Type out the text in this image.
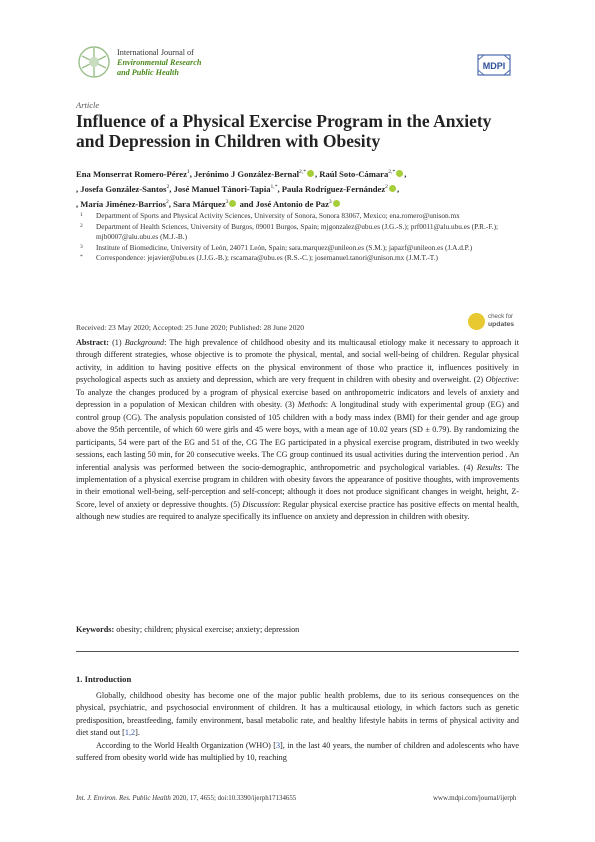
International Journal of
Environmental Research
and Public Health
MDPI
Article
Influence of a Physical Exercise Program in the Anxiety and Depression in Children with Obesity
Ena Monserrat Romero-Pérez$^1$, Jerónimo J González-Bernal$^{2,*}$ , Raúl Soto-Cámara$^{2,*}$ ,
, Josefa González-Santos$^2$, José Manuel Tánori-Tapia$^{1,*}$, Paula Rodríguez-Fernández$^2$ ,
, María Jiménez-Barrios$^2$, Sara Márquez$^3$ and José Antonio de Paz$^3$
1 Department of Sports and Physical Activity Sciences, University of Sonora, Sonora 83067, Mexico; ena.romero@unison.mx
2 Department of Health Sciences, University of Burgos, 09001 Burgos, Spain; mjgonzalez@ubu.es (J.G.-S.); prf0011@alu.ubu.es (P.R.-F.); mjb0007@alu.ubu.es (M.J.-B.)
3 Institute of Biomedicine, University of León, 24071 León, Spain; sara.marquez@unileon.es (S.M.); japazf@unileon.es (J.A.d.P.)
* Correspondence: jejavier@ubu.es (J.J.G.-B.); rscamara@ubu.es (R.S.-C.); josemanuel.tanori@unison.mx (J.M.T.-T.)
Received: 23 May 2020; Accepted: 25 June 2020; Published: 28 June 2020
check for
updates
Abstract: (1) Background: The high prevalence of childhood obesity and its multicausal etiology make it necessary to approach it through different strategies, whose objective is to promote the physical, mental, and social well-being of children. Regular physical activity, in addition to having positive effects on the physical environment of those who practice it, influences positively in psychological aspects such as anxiety and depression, which are very frequent in children with obesity and overweight. (2) Objective: To analyze the changes produced by a program of physical exercise based on anthropometric indicators and levels of anxiety and depression in a population of Mexican children with obesity. (3) Methods: A longitudinal study with experimental group (EG) and control group (CG). The analysis population consisted of 105 children with a body mass index (BMI) for their gender and age group above the 95th percentile, of which 60 were girls and 45 were boys, with a mean age of 10.02 years (SD ± 0.79). By randomizing the participants, 54 were part of the EG and 51 of the, CG The EG participated in a physical exercise program, distributed in two weekly sessions, each lasting 50 min, for 20 consecutive weeks. The CG group continued its usual activities during the intervention period . An inferential analysis was performed between the socio-demographic, anthropometric and psychological variables. (4) Results: The implementation of a physical exercise program in children with obesity favors the appearance of positive thoughts, with improvements in their emotional well-being, self-perception and self-concept; although it does not produce significant changes in weight, height, Z-Score, level of anxiety or depressive thoughts. (5) Discussion: Regular physical exercise practice has positive effects on mental health, although new studies are required to analyze specifically its influence on anxiety and depression in children with obesity.
Keywords: obesity; children; physical exercise; anxiety; depression
1. Introduction

Globally, childhood obesity has become one of the major public health problems, due to its serious consequences on the physical, psychiatric, and psychosocial environment of children. It has a multicausal etiology, in which factors such as genetic predisposition, breastfeeding, family environment, basal metabolic rate, and healthy lifestyle habits in terms of physical activity and diet stand out [1,2].

According to the World Health Organization (WHO) [3], in the last 40 years, the number of children and adolescents who have suffered from obesity world wide has multiplied by 10, reaching

Int. J. Environ. Res. Public Health 2020, 17, 4655; doi:10.3390/ijerph17134655	www.mdpi.com/journal/ijerph
